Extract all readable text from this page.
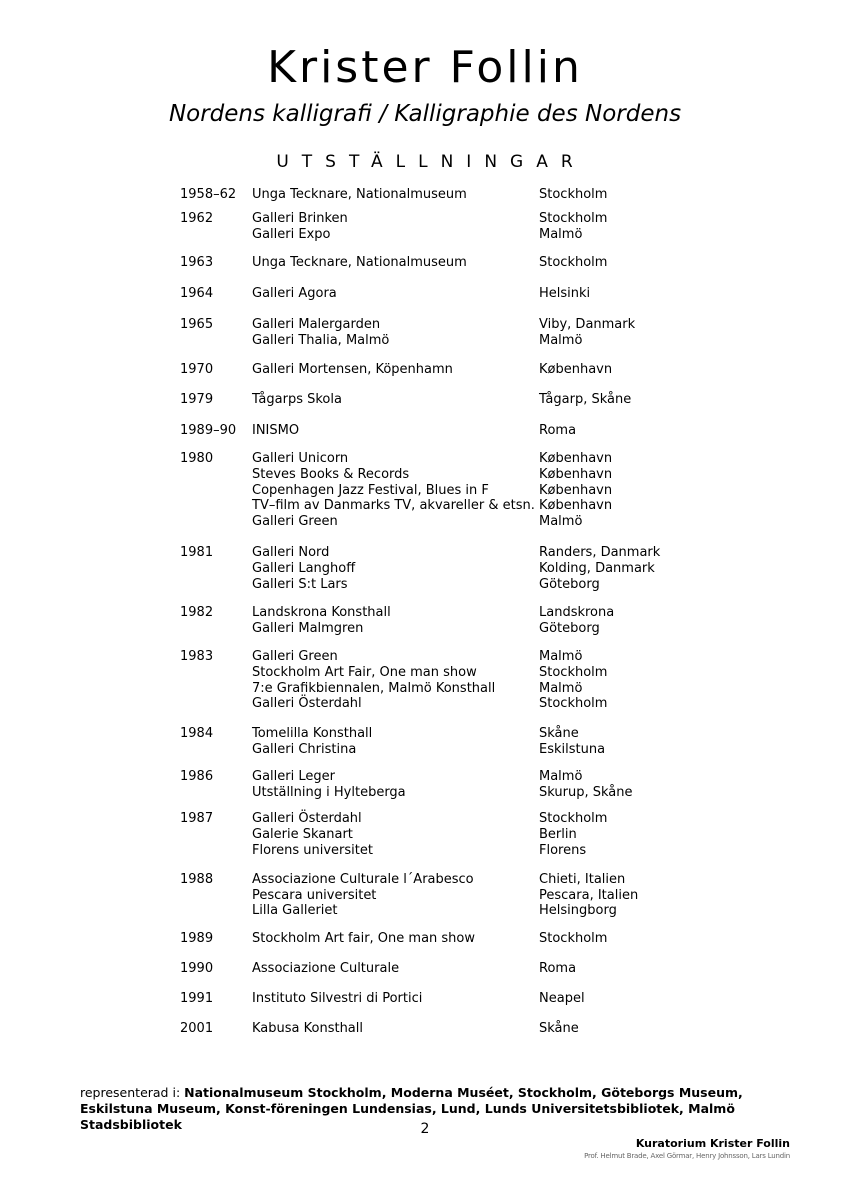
Krister Follin
Nordens kalligrafi / Kalligraphie des Nordens
UTSTÄLLNINGAR
1958–62	Unga Tecknare, Nationalmuseum	Stockholm
1962	Galleri Brinken	Stockholm
Galleri Expo	Malmö
1963	Unga Tecknare, Nationalmuseum	Stockholm
1964	Galleri Agora	Helsinki
1965	Galleri Malergarden	Viby, Danmark
Galleri Thalia, Malmö	Malmö
1970	Galleri Mortensen, Köpenhamn	København
1979	Tågarps Skola	Tågarp, Skåne
1989–90	INISMO	Roma
1980	Galleri Unicorn	København
Steves Books & Records	København
Copenhagen Jazz Festival, Blues in F	København
TV–film av Danmarks TV, akvareller & etsn. København
Galleri Green	Malmö
1981	Galleri Nord	Randers, Danmark
Galleri Langhoff	Kolding, Danmark
Galleri S:t Lars	Göteborg
1982	Landskrona Konsthall	Landskrona
Galleri Malmgren	Göteborg
1983	Galleri Green	Malmö
Stockholm Art Fair, One man show	Stockholm
7:e Grafikbiennalen, Malmö Konsthall	Malmö
Galleri Österdahl	Stockholm
1984	Tomelilla Konsthall	Skåne
Galleri Christina	Eskilstuna
1986	Galleri Leger	Malmö
Utställning i Hylteberga	Skurup, Skåne
1987	Galleri Österdahl	Stockholm
Galerie Skanart	Berlin
Florens universitet	Florens
1988	Associazione Culturale l´Arabesco	Chieti, Italien
Pescara universitet	Pescara, Italien
Lilla Galleriet	Helsingborg
1989	Stockholm Art fair, One man show	Stockholm
1990	Associazione Culturale	Roma
1991	Instituto Silvestri di Portici	Neapel
2001	Kabusa Konsthall	Skåne
representerad i: Nationalmuseum Stockholm, Moderna Muséet, Stockholm, Göteborgs Museum, Eskilstuna Museum, Konst-föreningen Lundensias, Lund, Lunds Universitetsbibliotek, Malmö Stadsbibliotek	2
Kuratorium Krister Follin
Prof. Helmut Brade, Axel Görmar, Henry Johnsson, Lars Lundin
